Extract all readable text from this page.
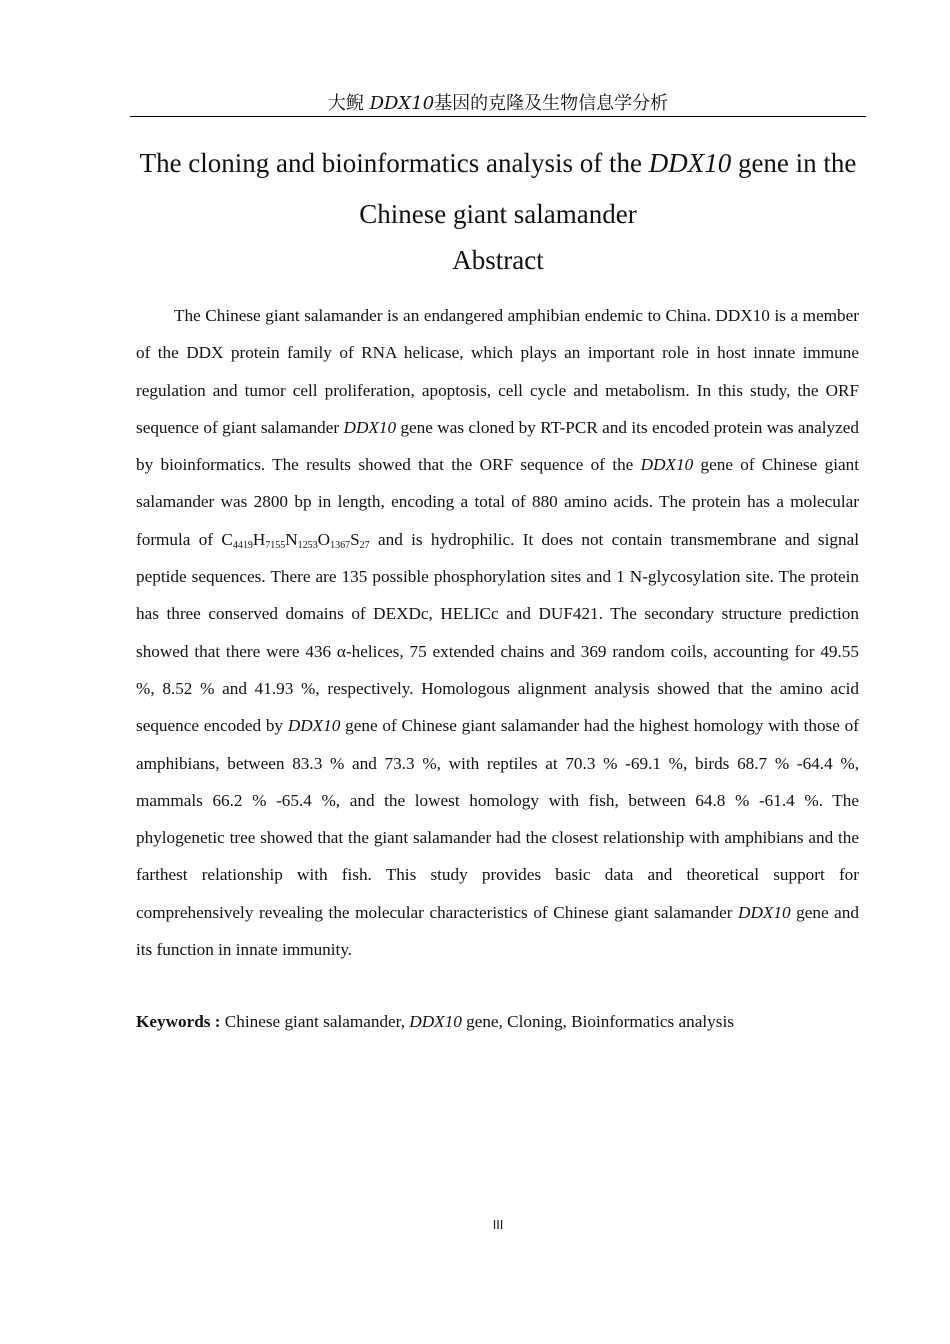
大鲵 DDX10基因的克隆及生物信息学分析
The cloning and bioinformatics analysis of the DDX10 gene in the Chinese giant salamander
Abstract

The Chinese giant salamander is an endangered amphibian endemic to China. DDX10 is a member of the DDX protein family of RNA helicase, which plays an important role in host innate immune regulation and tumor cell proliferation, apoptosis, cell cycle and metabolism. In this study, the ORF sequence of giant salamander DDX10 gene was cloned by RT-PCR and its encoded protein was analyzed by bioinformatics. The results showed that the ORF sequence of the DDX10 gene of Chinese giant salamander was 2800 bp in length, encoding a total of 880 amino acids. The protein has a molecular formula of $C_{4419}H_{7155}N_{1253}O_{1367}S_{27}$ and is hydrophilic. It does not contain transmembrane and signal peptide sequences. There are 135 possible phosphorylation sites and 1 N-glycosylation site. The protein has three conserved domains of DEXDc, HELICc and DUF421. The secondary structure prediction showed that there were 436 α-helices, 75 extended chains and 369 random coils, accounting for 49.55 %, 8.52 % and 41.93 %, respectively. Homologous alignment analysis showed that the amino acid sequence encoded by DDX10 gene of Chinese giant salamander had the highest homology with those of amphibians, between 83.3 % and 73.3 %, with reptiles at 70.3 % -69.1 %, birds 68.7 % -64.4 %, mammals 66.2 % -65.4 %, and the lowest homology with fish, between 64.8 % -61.4 %. The phylogenetic tree showed that the giant salamander had the closest relationship with amphibians and the farthest relationship with fish. This study provides basic data and theoretical support for comprehensively revealing the molecular characteristics of Chinese giant salamander DDX10 gene and its function in innate immunity.

Keywords : Chinese giant salamander, DDX10 gene, Cloning, Bioinformatics analysis

III
